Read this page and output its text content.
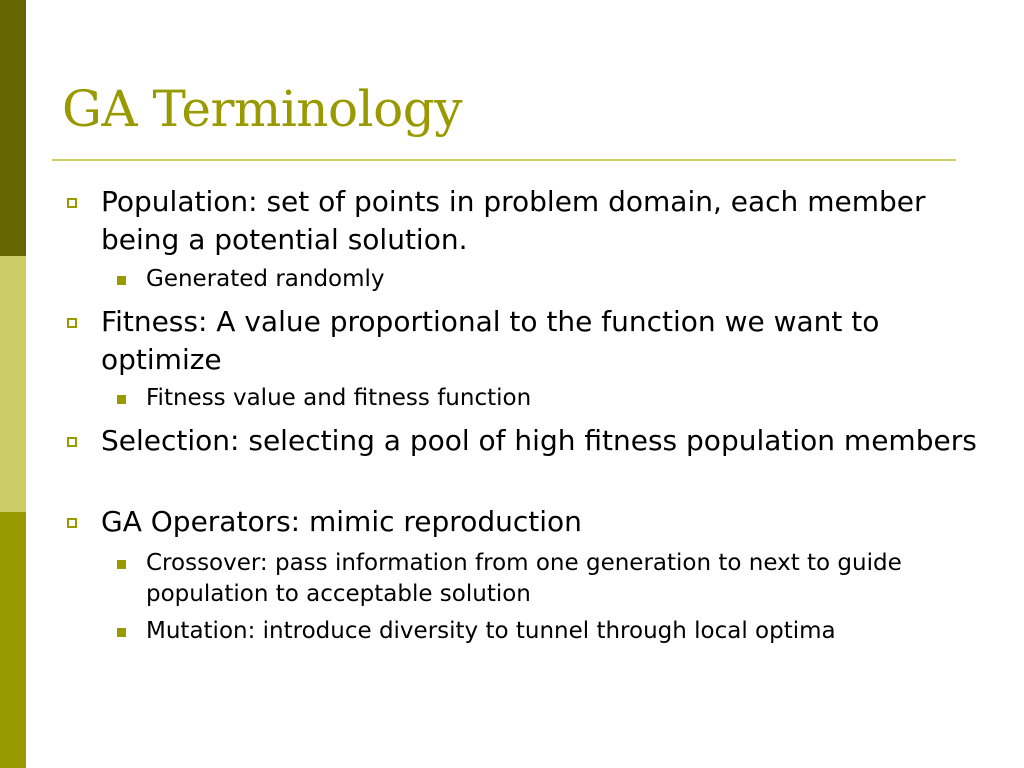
GA Terminology
Population: set of points in problem domain, each member being a potential solution.
Generated randomly
Fitness: A value proportional to the function we want to optimize
Fitness value and fitness function
Selection: selecting a pool of high fitness population members
GA Operators: mimic reproduction
Crossover: pass information from one generation to next to guide population to acceptable solution
Mutation: introduce diversity to tunnel through local optima
